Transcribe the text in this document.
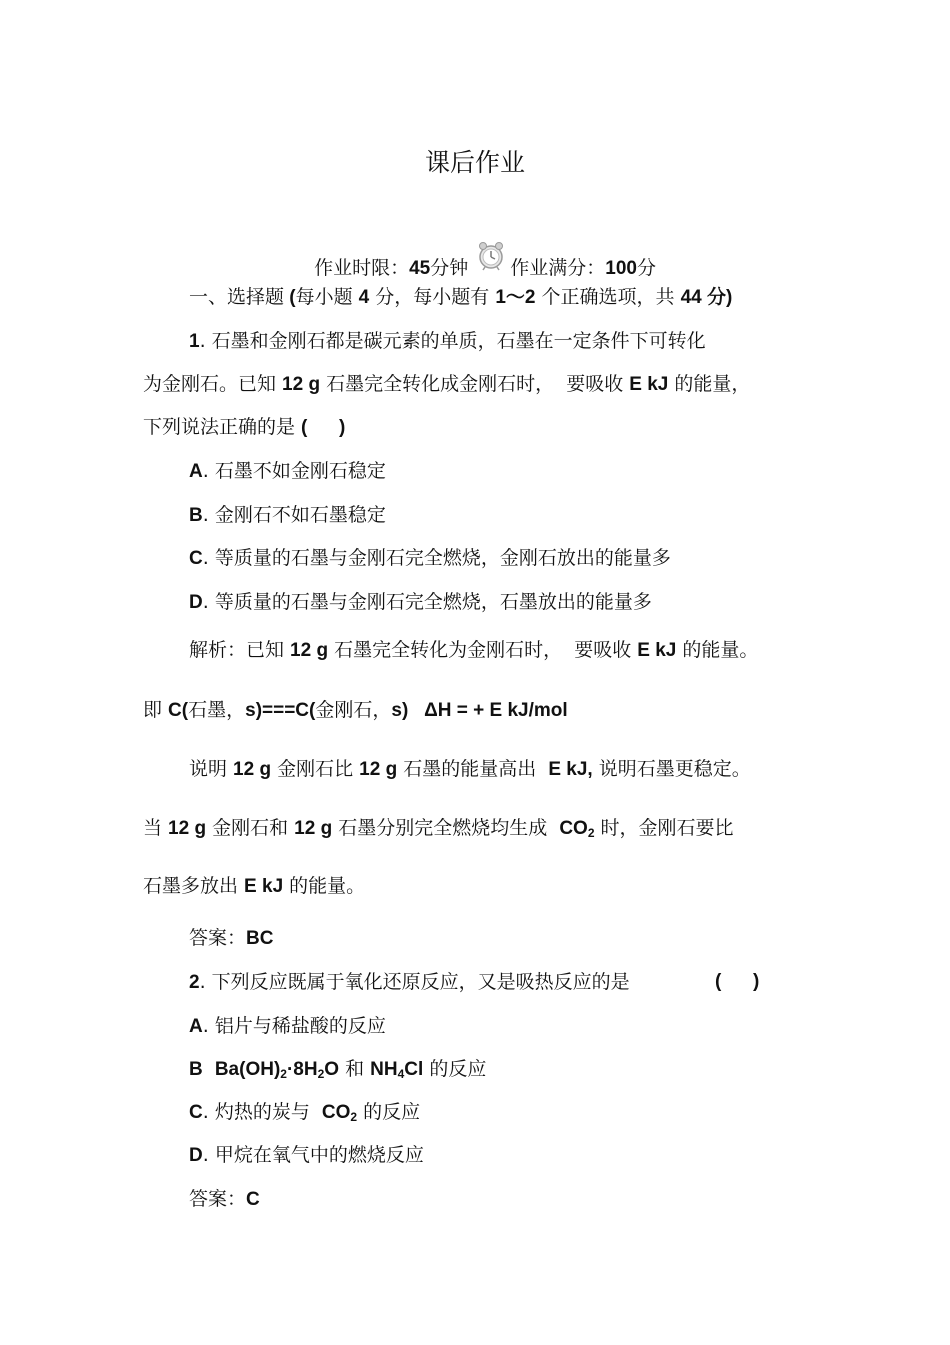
课后作业

作业时限：45分钟 作业满分：100分

一、选择题 (每小题 4 分，每小题有 1～2 个正确选项，共 44 分)
1. 石墨和金刚石都是碳元素的单质，石墨在一定条件下可转化
为金刚石。已知 12 g 石墨完全转化成金刚石时，  要吸收 E kJ 的能量，
下列说法正确的是 (      )
A. 石墨不如金刚石稳定
B. 金刚石不如石墨稳定
C. 等质量的石墨与金刚石完全燃烧，金刚石放出的能量多
D. 等质量的石墨与金刚石完全燃烧，石墨放出的能量多
解析：已知 12 g 石墨完全转化为金刚石时，  要吸收 E kJ 的能量。
即 C(石墨，s)===C(金刚石，s)   ΔH = + E kJ/mol
说明 12 g 金刚石比 12 g 石墨的能量高出  E kJ, 说明石墨更稳定。
当 12 g 金刚石和 12 g 石墨分别完全燃烧均生成  $CO_2$ 时，金刚石要比
石墨多放出 E kJ 的能量。
答案：BC
2. 下列反应既属于氧化还原反应，又是吸热反应的是	(      )
A. 铝片与稀盐酸的反应
B $Ba(OH)_2\cdot 8H_2O$ 和 $NH_4Cl$ 的反应
C. 灼热的炭与  $CO_2$ 的反应
D. 甲烷在氧气中的燃烧反应
答案：C
